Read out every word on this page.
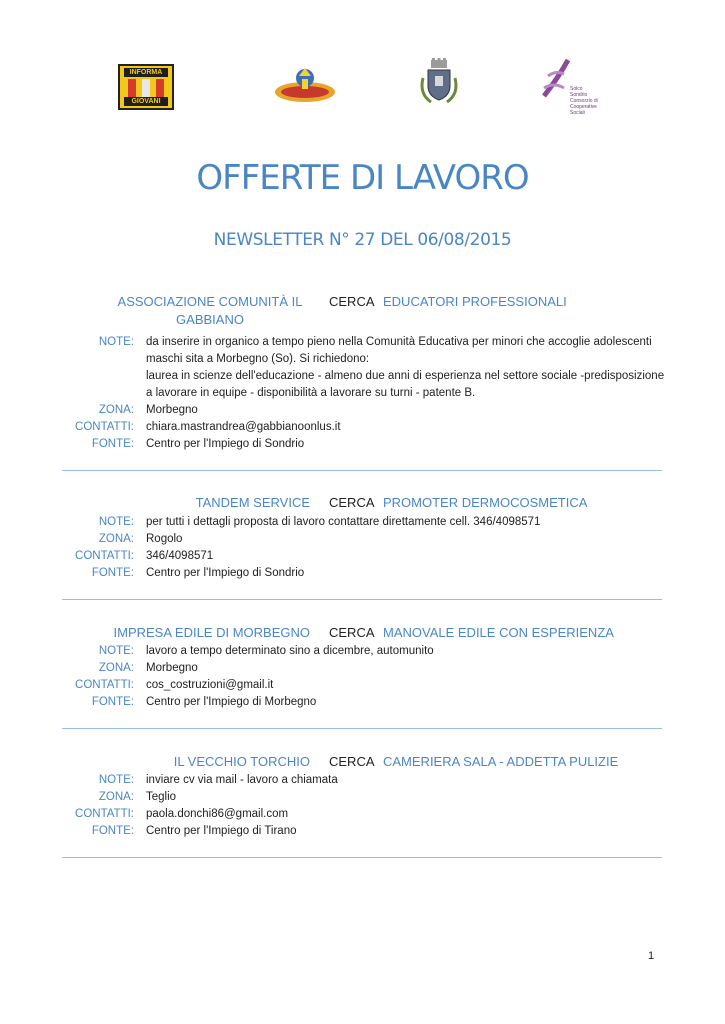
INFORMA
GIOVANI
Solco Sondrio
Consorzio di
Cooperative Sociali
OFFERTE DI LAVORO
NEWSLETTER N° 27 DEL 06/08/2015
ASSOCIAZIONE COMUNITÀ IL GABBIANO
CERCA EDUCATORI PROFESSIONALI
NOTE: da inserire in organico a tempo pieno nella Comunità Educativa per minori che accoglie adolescenti maschi sita a Morbegno (So). Si richiedono:
laurea in scienze dell'educazione - almeno due anni di esperienza nel settore sociale -predisposizione a lavorare in equipe - disponibilità a lavorare su turni - patente B.
ZONA: Morbegno
CONTATTI: chiara.mastrandrea@gabbianoonlus.it
FONTE: Centro per l'Impiego di Sondrio
TANDEM SERVICE CERCA PROMOTER DERMOCOSMETICA
NOTE: per tutti i dettagli proposta di lavoro contattare direttamente cell. 346/4098571
ZONA: Rogolo
CONTATTI: 346/4098571
FONTE: Centro per l'Impiego di Sondrio
IMPRESA EDILE DI MORBEGNO CERCA MANOVALE EDILE CON ESPERIENZA
NOTE: lavoro a tempo determinato sino a dicembre, automunito
ZONA: Morbegno
CONTATTI: cos_costruzioni@gmail.it
FONTE: Centro per l'Impiego di Morbegno
IL VECCHIO TORCHIO CERCA CAMERIERA SALA - ADDETTA PULIZIE
NOTE: inviare cv via mail - lavoro a chiamata
ZONA: Teglio
CONTATTI: paola.donchi86@gmail.com
FONTE: Centro per l'Impiego di Tirano
1
